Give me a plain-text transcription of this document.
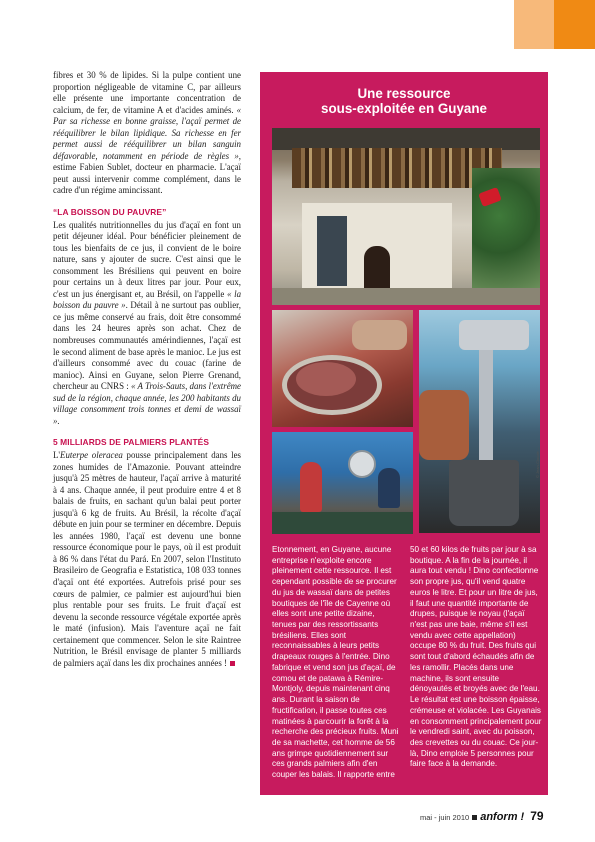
fibres et 30 % de lipides. Si la pulpe contient une proportion négligeable de vitamine C, par ailleurs elle présente une importante concentration de calcium, de fer, de vitamine A et d'acides aminés. « Par sa richesse en bonne graisse, l'açaï permet de rééquilibrer le bilan lipidique. Sa richesse en fer permet aussi de rééquilibrer un bilan sanguin défavorable, notamment en période de règles », estime Fabien Sublet, docteur en pharmacie. L'açaï peut aussi intervenir comme complément, dans le cadre d'un régime amincissant.

“LA BOISSON DU PAUVRE”

Les qualités nutritionnelles du jus d'açaï en font un petit déjeuner idéal. Pour bénéficier pleinement de tous les bienfaits de ce jus, il convient de le boire nature, sans y ajouter de sucre. C'est ainsi que le consomment les Brésiliens qui peuvent en boire pour certains un à deux litres par jour. Pour eux, c'est un jus énergisant et, au Brésil, on l'appelle « la boisson du pauvre ». Détail à ne surtout pas oublier, ce jus même conservé au frais, doit être consommé dans les 24 heures après son achat. Chez de nombreuses communautés amérindiennes, l'açaï est le second aliment de base après le manioc. Le jus est d'ailleurs consommé avec du couac (farine de manioc). Ainsi en Guyane, selon Pierre Grenand, chercheur au CNRS : « A Trois-Sauts, dans l'extrême sud de la région, chaque année, les 200 habitants du village consomment trois tonnes et demi de wassaï ».

5 MILLIARDS DE PALMIERS PLANTÉS

L'Euterpe oleracea pousse principalement dans les zones humides de l'Amazonie. Pouvant atteindre jusqu'à 25 mètres de hauteur, l'açaï arrive à maturité à 4 ans. Chaque année, il peut produire entre 4 et 8 balais de fruits, en sachant qu'un balai peut porter jusqu'à 6 kg de fruits. Au Brésil, la récolte d'açaï débute en juin pour se terminer en décembre. Depuis les années 1980, l'açaï est devenu une bonne ressource économique pour le pays, où il est produit à 86 % dans l'état du Pará. En 2007, selon l'Instituto Brasileiro de Geografia e Estatistica, 108 033 tonnes d'açaï ont été exportées. Autrefois prisé pour ses cœurs de palmier, ce palmier est aujourd'hui bien plus rentable pour ses fruits. Le fruit d'açaï est devenu la seconde ressource végétale exportée après le maté (infusion). Mais l'aventure açaï ne fait certainement que commencer. Selon le site Raintree Nutrition, le Brésil envisage de planter 5 milliards de palmiers açaï dans les dix prochaines années !

Une ressource
sous-exploitée en Guyane
© Jean-Claude ...

Etonnement, en Guyane, aucune entreprise n'exploite encore pleinement cette ressource. Il est cependant possible de se procurer du jus de wassaï dans de petites boutiques de l'île de Cayenne où elles sont une petite dizaine, tenues par des ressortissants brésiliens. Elles sont reconnaissables à leurs petits drapeaux rouges à l'entrée. Dino fabrique et vend son jus d'açaï, de comou et de patawa à Rémire-Montjoly, depuis maintenant cinq ans. Durant la saison de fructification, il passe toutes ces matinées à parcourir la forêt à la recherche des précieux fruits. Muni de sa machette, cet homme de 56 ans grimpe quotidiennement sur ces grands palmiers afin d'en couper les balais. Il rapporte entre

50 et 60 kilos de fruits par jour à sa boutique. A la fin de la journée, il aura tout vendu ! Dino confectionne son propre jus, qu'il vend quatre euros le litre. Et pour un litre de jus, il faut une quantité importante de drupes, puisque le noyau (l'açaï n'est pas une baie, même s'il est vendu avec cette appellation) occupe 80 % du fruit. Des fruits qui sont tout d'abord échaudés afin de les ramollir. Placés dans une machine, ils sont ensuite dénoyautés et broyés avec de l'eau. Le résultat est une boisson épaisse, crémeuse et violacée. Les Guyanais en consomment principalement pour le vendredi saint, avec du poisson, des crevettes ou du couac. Ce jour-là, Dino emploie 5 personnes pour faire face à la demande.

mai - juin 2010 anform ! 79
